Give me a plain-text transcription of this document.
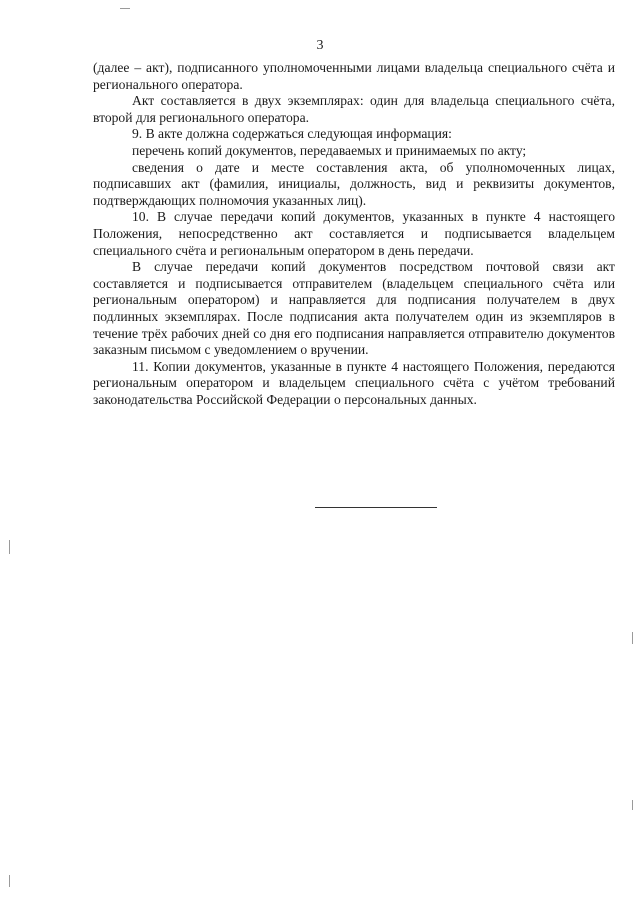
3

(далее – акт), подписанного уполномоченными лицами владельца специального счёта и регионального оператора.

Акт составляется в двух экземплярах: один для владельца специального счёта, второй для регионального оператора.

9. В акте должна содержаться следующая информация:

перечень копий документов, передаваемых и принимаемых по акту;

сведения о дате и месте составления акта, об уполномоченных лицах, подписавших акт (фамилия, инициалы, должность, вид и реквизиты документов, подтверждающих полномочия указанных лиц).

10. В случае передачи копий документов, указанных в пункте 4 настоящего Положения, непосредственно акт составляется и подписывается владельцем специального счёта и региональным оператором в день передачи.

В случае передачи копий документов посредством почтовой связи акт составляется и подписывается отправителем (владельцем специального счёта или региональным оператором) и направляется для подписания получателем в двух подлинных экземплярах. После подписания акта получателем один из экземпляров в течение трёх рабочих дней со дня его подписания направляется отправителю документов заказным письмом с уведомлением о вручении.

11. Копии документов, указанные в пункте 4 настоящего Положения, передаются региональным оператором и владельцем специального счёта с учётом требований законодательства Российской Федерации о персональных данных.
